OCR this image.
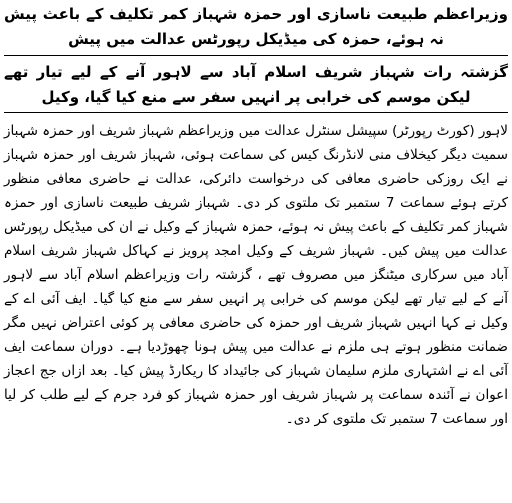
وزیراعظم طبیعت ناسازی اور حمزہ شہباز کمر تکلیف کے باعث پیش نہ ہوئے، حمزہ کی میڈیکل رپورٹس عدالت میں پیش
گزشتہ رات شہباز شریف اسلام آباد سے لاہور آنے کے لیے تیار تھے لیکن موسم کی خرابی پر انہیں سفر سے منع کیا گیا، وکیل

لاہور (کورٹ رپورٹر) سپیشل سنٹرل عدالت میں وزیراعظم شہباز شریف اور حمزہ شہباز سمیت دیگر کیخلاف منی لانڈرنگ کیس کی سماعت ہوئی، شہباز شریف اور حمزہ شہباز نے ایک روزکی حاضری معافی کی درخواست دائرکی، عدالت نے حاضری معافی منظور کرتے ہوئے سماعت 7 ستمبر تک ملتوی کر دی۔ شہباز شریف طبیعت ناسازی اور حمزہ شہباز کمر تکلیف کے باعث پیش نہ ہوئے، حمزہ شہباز کے وکیل نے ان کی میڈیکل رپورٹس عدالت میں پیش کیں۔ شہباز شریف کے وکیل امجد پرویز نے کہاکل شہباز شریف اسلام آباد میں سرکاری میٹنگز میں مصروف تھے ، گزشتہ رات وزیراعظم اسلام آباد سے لاہور آنے کے لیے تیار تھے لیکن موسم کی خرابی پر انہیں سفر سے منع کیا گیا۔ ایف آئی اے کے وکیل نے کہا انہیں شہباز شریف اور حمزہ کی حاضری معافی پر کوئی اعتراض نہیں مگر ضمانت منظور ہوتے ہی ملزم نے عدالت میں پیش ہونا چھوڑدیا ہے۔ دوران سماعت ایف آئی اے نے اشتہاری ملزم سلیمان شہباز کی جائیداد کا ریکارڈ پیش کیا۔ بعد ازاں جج اعجاز اعوان نے آئندہ سماعت پر شہباز شریف اور حمزہ شہباز کو فرد جرم کے لیے طلب کر لیا اور سماعت 7 ستمبر تک ملتوی کر دی۔
